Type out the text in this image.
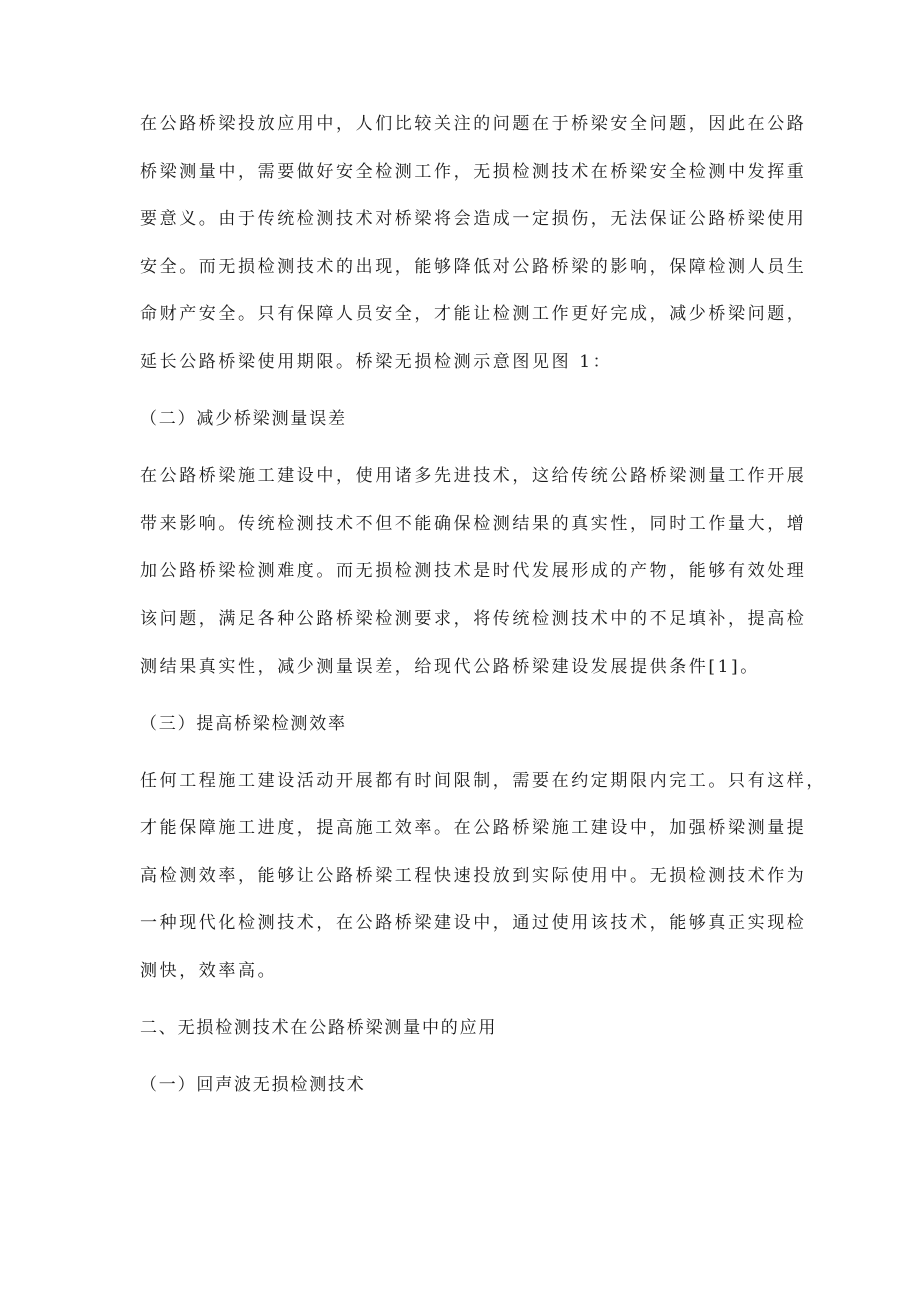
在公路桥梁投放应用中，人们比较关注的问题在于桥梁安全问题，因此在公路
桥梁测量中，需要做好安全检测工作，无损检测技术在桥梁安全检测中发挥重
要意义。由于传统检测技术对桥梁将会造成一定损伤，无法保证公路桥梁使用
安全。而无损检测技术的出现，能够降低对公路桥梁的影响，保障检测人员生
命财产安全。只有保障人员安全，才能让检测工作更好完成，减少桥梁问题，
延长公路桥梁使用期限。桥梁无损检测示意图见图 1：
（二）减少桥梁测量误差
在公路桥梁施工建设中，使用诸多先进技术，这给传统公路桥梁测量工作开展
带来影响。传统检测技术不但不能确保检测结果的真实性，同时工作量大，增
加公路桥梁检测难度。而无损检测技术是时代发展形成的产物，能够有效处理
该问题，满足各种公路桥梁检测要求，将传统检测技术中的不足填补，提高检
测结果真实性，减少测量误差，给现代公路桥梁建设发展提供条件[1]。
（三）提高桥梁检测效率
任何工程施工建设活动开展都有时间限制，需要在约定期限内完工。只有这样，
才能保障施工进度，提高施工效率。在公路桥梁施工建设中，加强桥梁测量提
高检测效率，能够让公路桥梁工程快速投放到实际使用中。无损检测技术作为
一种现代化检测技术，在公路桥梁建设中，通过使用该技术，能够真正实现检
测快，效率高。
二、无损检测技术在公路桥梁测量中的应用
（一）回声波无损检测技术
